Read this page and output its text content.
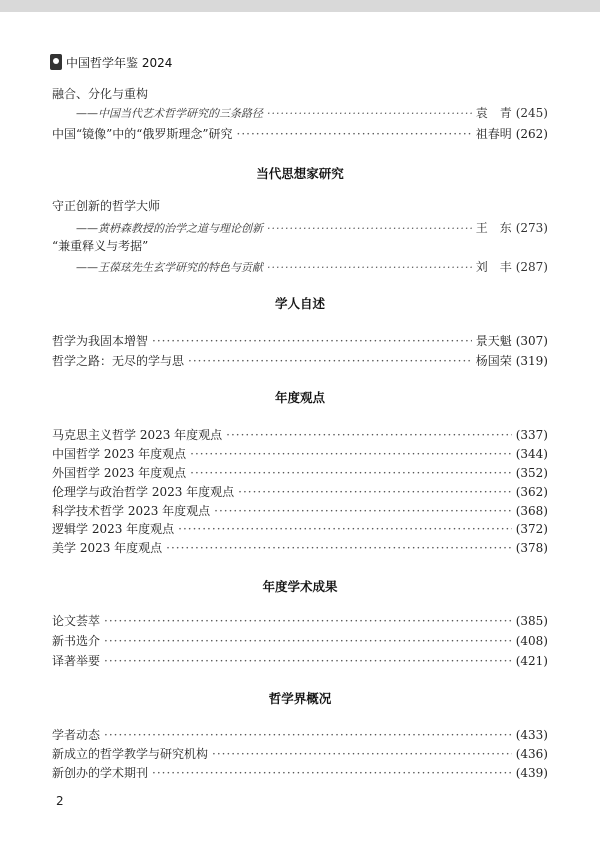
中国哲学年鉴 2024
融合、分化与重构
——中国当代艺术哲学研究的三条路径 ·····	袁　青 (245)
中国“镜像”中的“俄罗斯理念”研究 ·····	祖春明 (262)
当代思想家研究
守正创新的哲学大师
——黄枬森教授的治学之道与理论创新 ·····	王　东 (273)
“兼重释义与考据”
——王葆玹先生玄学研究的特色与贡献 ·····	刘　丰 (287)
学人自述
哲学为我固本增智 ·····	景天魁 (307)
哲学之路：无尽的学与思 ·····	杨国荣 (319)
年度观点
马克思主义哲学 2023 年度观点 ·····	(337)
中国哲学 2023 年度观点 ·····	(344)
外国哲学 2023 年度观点 ·····	(352)
伦理学与政治哲学 2023 年度观点 ·····	(362)
科学技术哲学 2023 年度观点 ·····	(368)
逻辑学 2023 年度观点 ·····	(372)
美学 2023 年度观点 ·····	(378)
年度学术成果
论文荟萃 ·····	(385)
新书选介 ·····	(408)
译著举要 ·····	(421)
哲学界概况
学者动态 ·····	(433)
新成立的哲学教学与研究机构 ·····	(436)
新创办的学术期刊 ·····	(439)
2
